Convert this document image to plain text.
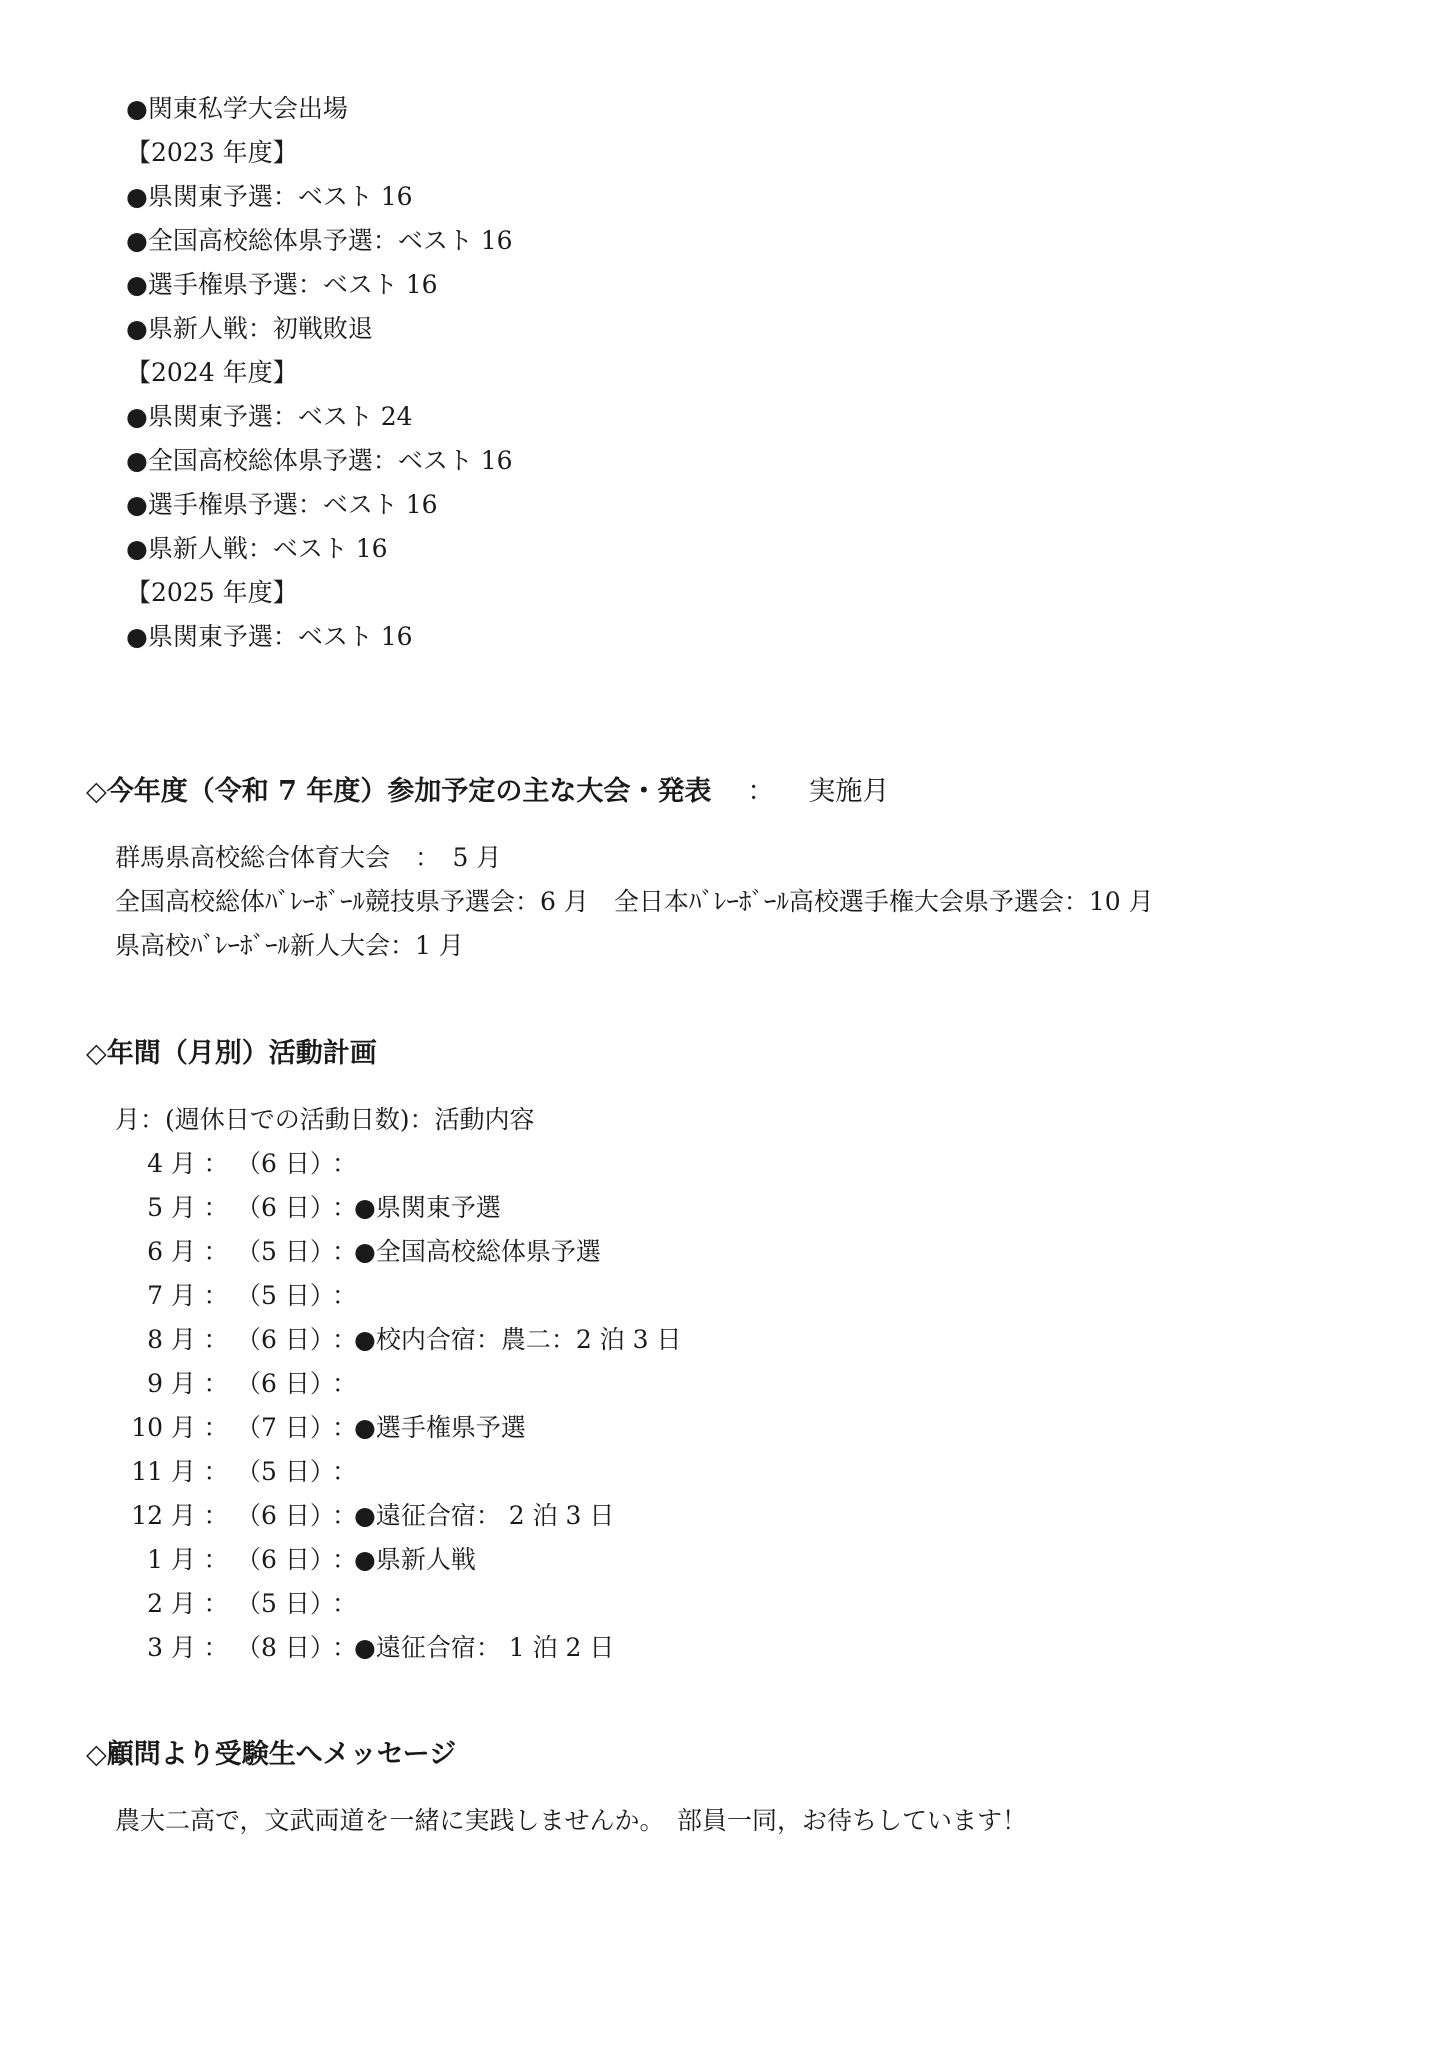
●関東私学大会出場
【2023 年度】
●県関東予選：ベスト 16
●全国高校総体県予選：ベスト 16
●選手権県予選：ベスト 16
●県新人戦：初戦敗退
【2024 年度】
●県関東予選：ベスト 24
●全国高校総体県予選：ベスト 16
●選手権県予選：ベスト 16
●県新人戦：ベスト 16
【2025 年度】
●県関東予選：ベスト 16
◇今年度（令和 7 年度）参加予定の主な大会・発表 ： 実施月
群馬県高校総合体育大会　：　5 月
全国高校総体ﾊﾞﾚｰﾎﾞｰﾙ競技県予選会：6 月　全日本ﾊﾞﾚｰﾎﾞｰﾙ高校選手権大会県予選会：10 月
県高校ﾊﾞﾚｰﾎﾞｰﾙ新人大会：1 月
◇年間（月別）活動計画
月：(週休日での活動日数)：活動内容
4 月 ： （6 日）：
5 月 ： （6 日）：●県関東予選
6 月 ： （5 日）：●全国高校総体県予選
7 月 ： （5 日）：
8 月 ： （6 日）：●校内合宿：農二：2 泊 3 日
9 月 ： （6 日）：
10 月 ： （7 日）：●選手権県予選
11 月 ： （5 日）：
12 月 ： （6 日）：●遠征合宿： 2 泊 3 日
1 月 ： （6 日）：●県新人戦
2 月 ： （5 日）：
3 月 ： （8 日）：●遠征合宿： 1 泊 2 日
◇顧問より受験生へメッセージ
農大二高で，文武両道を一緒に実践しませんか。　部員一同，お待ちしています！
